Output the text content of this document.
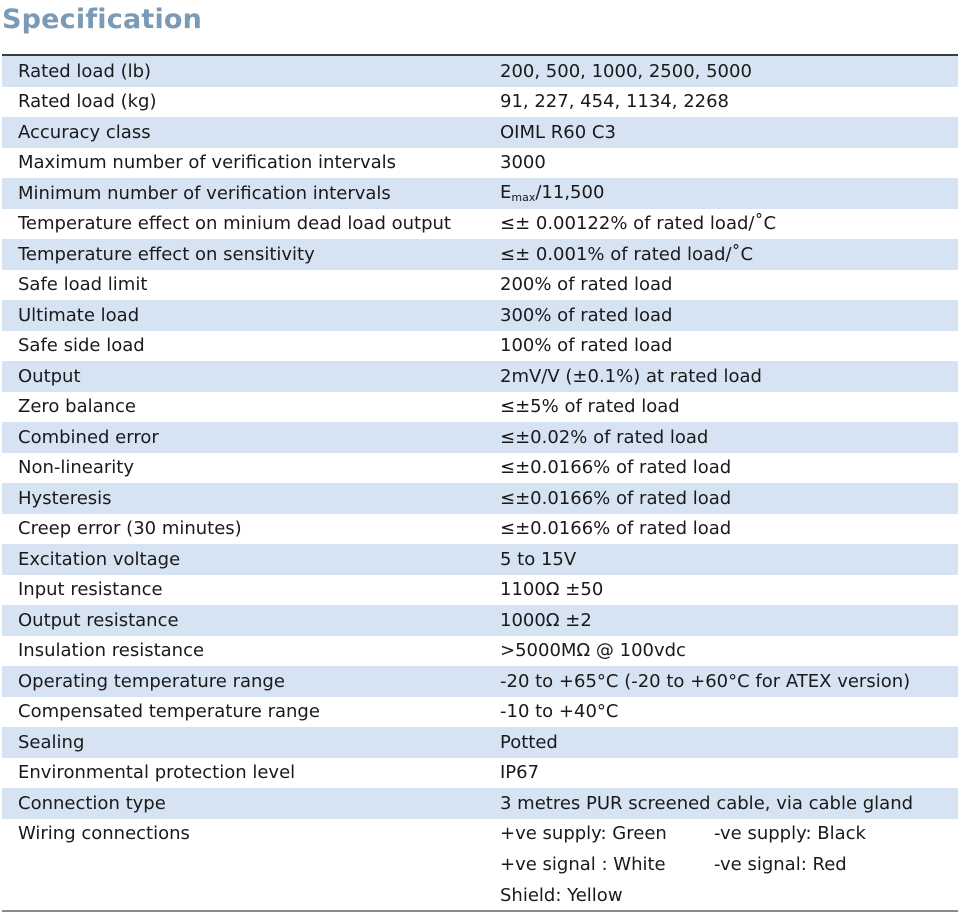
Specification
Rated load (lb)	200, 500, 1000, 2500, 5000
Rated load (kg)	91, 227, 454, 1134, 2268
Accuracy class	OIML R60 C3
Maximum number of verification intervals	3000
Minimum number of verification intervals	$E_{max}/11,500$
Temperature effect on minium dead load output	≤± 0.00122% of rated load/˚C
Temperature effect on sensitivity	≤± 0.001% of rated load/˚C
Safe load limit	200% of rated load
Ultimate load	300% of rated load
Safe side load	100% of rated load
Output	2mV/V (±0.1%) at rated load
Zero balance	≤±5% of rated load
Combined error	≤±0.02% of rated load
Non-linearity	≤±0.0166% of rated load
Hysteresis	≤±0.0166% of rated load
Creep error (30 minutes)	≤±0.0166% of rated load
Excitation voltage	5 to 15V
Input resistance	1100Ω ±50
Output resistance	1000Ω ±2
Insulation resistance	>5000MΩ @ 100vdc
Operating temperature range	-20 to +65°C (-20 to +60°C for ATEX version)
Compensated temperature range	-10 to +40°C
Sealing	Potted
Environmental protection level	IP67
Connection type	3 metres PUR screened cable, via cable gland
Wiring connections	+ve supply: Green	-ve supply: Black
+ve signal : White	-ve signal: Red
Shield: Yellow
